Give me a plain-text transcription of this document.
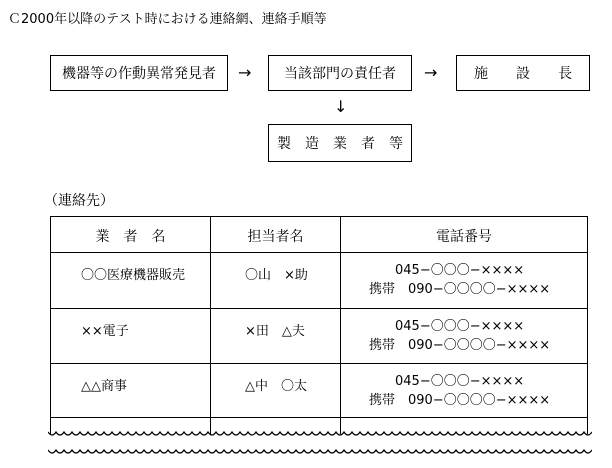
Ｃ2000年以降のテスト時における連絡網、連絡手順等
機器等の作動異常発見者 → 当該部門の責任者 →	施　　設　　長
↓
製　造　業　者　等
（連絡先）
業　者　名	担当者名	電話番号
〇〇医療機器販売	〇山　×助	045−〇〇〇−××××
携帯　090−〇〇〇〇−××××
××電子	×田　△夫	045−〇〇〇−××××
携帯　090−〇〇〇〇−××××
△△商事	△中　〇太	045−〇〇〇−××××
携帯　090−〇〇〇〇−××××
